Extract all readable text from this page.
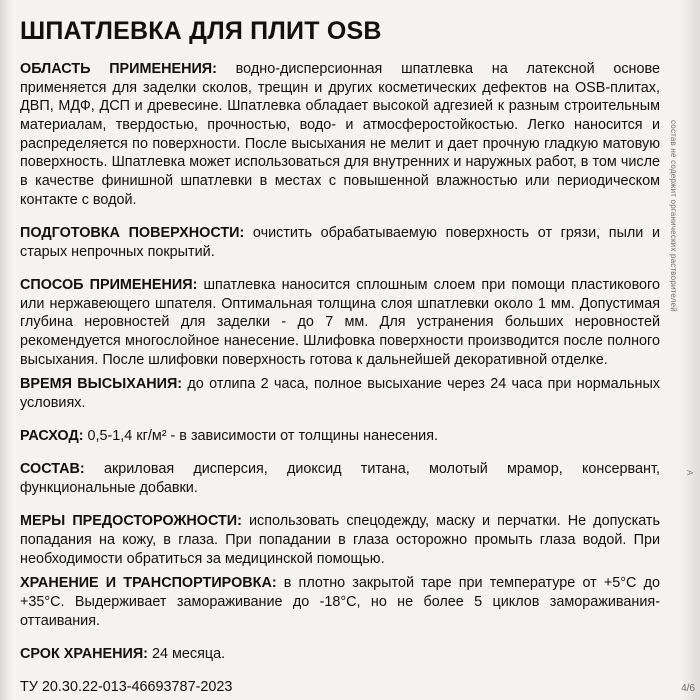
ШПАТЛЕВКА ДЛЯ ПЛИТ OSB

ОБЛАСТЬ ПРИМЕНЕНИЯ: водно-дисперсионная шпатлевка на латексной основе применяется для заделки сколов, трещин и других косметических дефектов на OSB-плитах, ДВП, МДФ, ДСП и древесине. Шпатлевка обладает высокой адгезией к разным строительным материалам, твердостью, прочностью, водо- и атмосферостойкостью. Легко наносится и распределяется по поверхности. После высыхания не мелит и дает прочную гладкую матовую поверхность. Шпатлевка может использоваться для внутренних и наружных работ, в том числе в качестве финишной шпатлевки в местах с повышенной влажностью или периодическом контакте с водой.

ПОДГОТОВКА ПОВЕРХНОСТИ: очистить обрабатываемую поверхность от грязи, пыли и старых непрочных покрытий.

СПОСОБ ПРИМЕНЕНИЯ: шпатлевка наносится сплошным слоем при помощи пластикового или нержавеющего шпателя. Оптимальная толщина слоя шпатлевки около 1 мм. Допустимая глубина неровностей для заделки - до 7 мм. Для устранения больших неровностей рекомендуется многослойное нанесение. Шлифовка поверхности производится после полного высыхания. После шлифовки поверхность готова к дальнейшей декоративной отделке.

ВРЕМЯ ВЫСЫХАНИЯ: до отлипа 2 часа, полное высыхание через 24 часа при нормальных условиях.

РАСХОД: 0,5-1,4 кг/м² - в зависимости от толщины нанесения.

СОСТАВ: акриловая дисперсия, диоксид титана, молотый мрамор, консервант, функциональные добавки.

МЕРЫ ПРЕДОСТОРОЖНОСТИ: использовать спецодежду, маску и перчатки. Не допускать попадания на кожу, в глаза. При попадании в глаза осторожно промыть глаза водой. При необходимости обратиться за медицинской помощью.

ХРАНЕНИЕ И ТРАНСПОРТИРОВКА: в плотно закрытой таре при температуре от +5°С до +35°С. Выдерживает замораживание до -18°С, но не более 5 циклов замораживания-оттаивания.

СРОК ХРАНЕНИЯ: 24 месяца.

ТУ 20.30.22-013-46693787-2023

состав не содержит органических растворителей
А
4/6
